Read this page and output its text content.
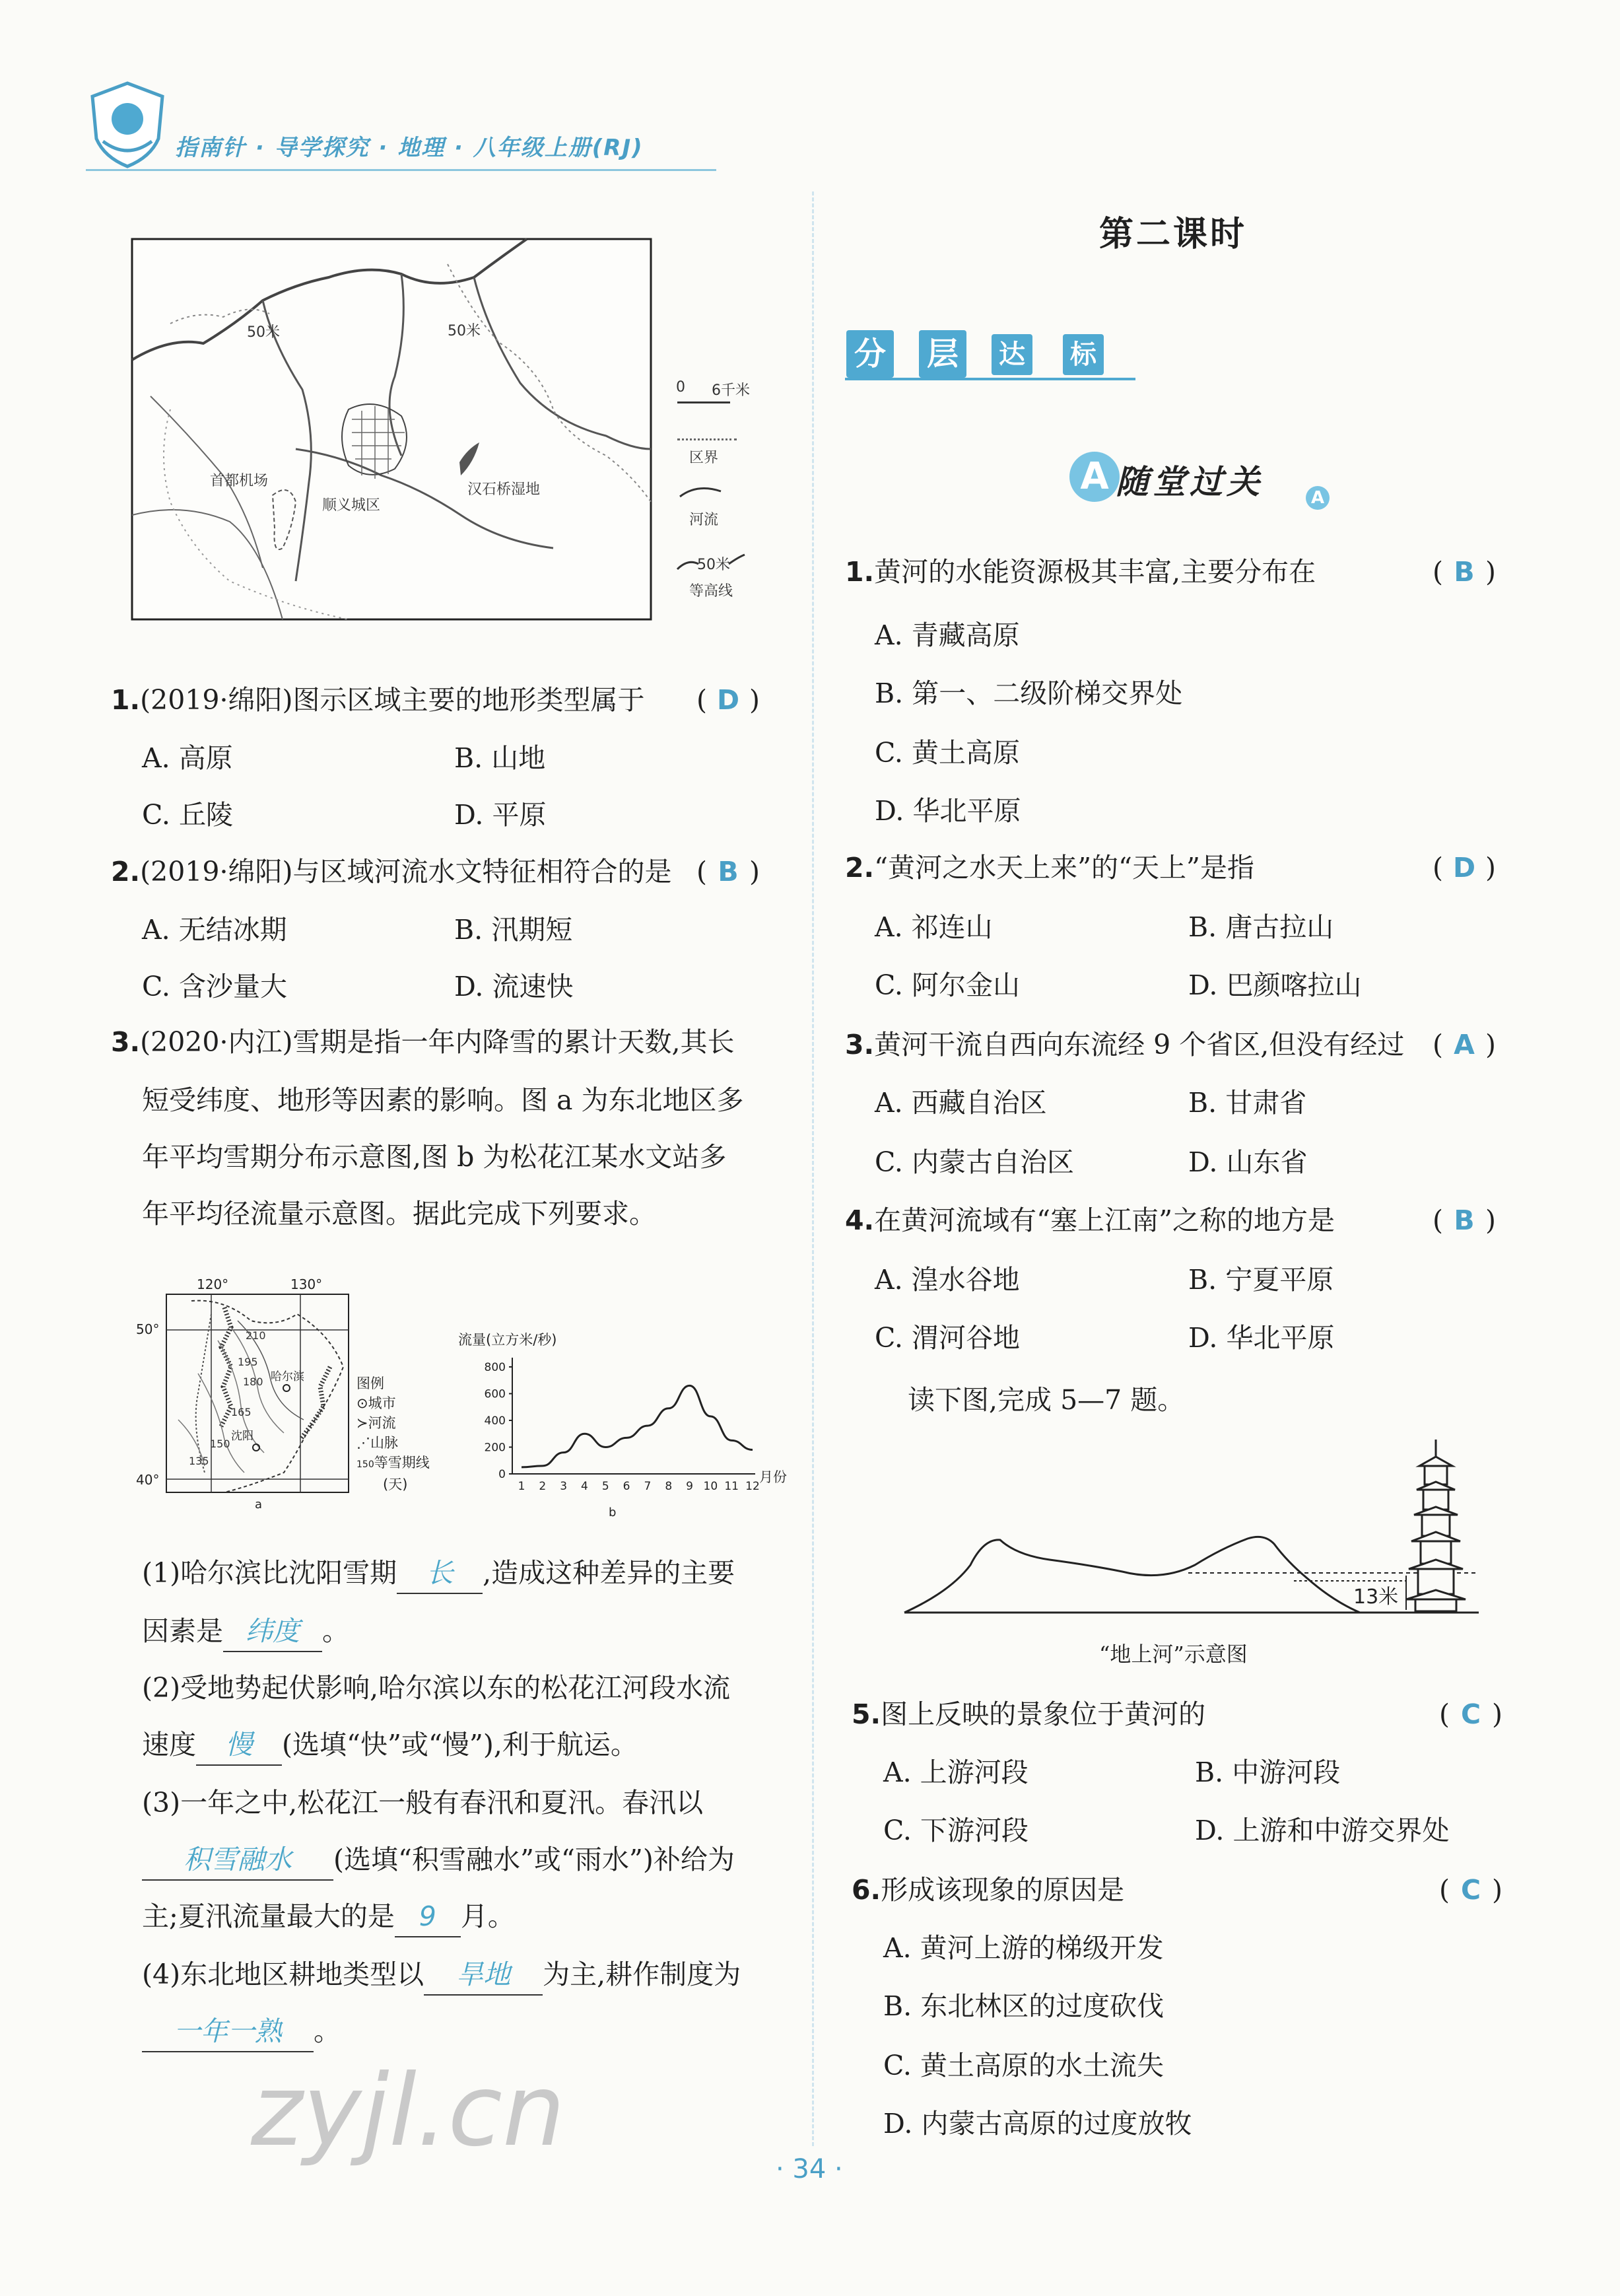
指南针 · 导学探究 · 地理 · 八年级上册(RJ)
50米	50米
首都机场
顺义城区
汉石桥湿地
0 6千米
区界
河流
50米
等高线
1.(2019·绵阳)图示区域主要的地形类型属于 ( D )
A. 高原	B. 山地
C. 丘陵	D. 平原
2.(2019·绵阳)与区域河流水文特征相符合的是 ( B )
A. 无结冰期	B. 汛期短
C. 含沙量大	D. 流速快
3.(2020·内江)雪期是指一年内降雪的累计天数,其长
短受纬度、地形等因素的影响。图 a 为东北地区多
年平均雪期分布示意图,图 b 为松花江某水文站多
年平均径流量示意图。据此完成下列要求。
120°	130°
50°
40°
210
195
180
165
150
135
哈尔滨
沈阳
a
图例
⊙城市
≻河流
⋰山脉
150等雪期线
(天)
流量(立方米/秒)
月份
b
0
200
400
600
800
1 2 3 4 5 6 7 8 9 10 11 12
(1)哈尔滨比沈阳雪期 长 ,造成这种差异的主要
因素是 纬度 。
(2)受地势起伏影响,哈尔滨以东的松花江河段水流
速度 慢 (选填“快”或“慢”),利于航运。
(3)一年之中,松花江一般有春汛和夏汛。春汛以
积雪融水 (选填“积雪融水”或“雨水”)补给为
主;夏汛流量最大的是 9 月。
(4)东北地区耕地类型以 旱地 为主,耕作制度为
一年一熟 。
zyjl.cn
第二课时
分 层	达 标
A 随堂过关	A
1.黄河的水能资源极其丰富,主要分布在	( B )
A. 青藏高原
B. 第一、二级阶梯交界处
C. 黄土高原
D. 华北平原
2.“黄河之水天上来”的“天上”是指	( D )
A. 祁连山	B. 唐古拉山
C. 阿尔金山	D. 巴颜喀拉山
3.黄河干流自西向东流经 9 个省区,但没有经过 ( A )
A. 西藏自治区	B. 甘肃省
C. 内蒙古自治区	D. 山东省
4.在黄河流域有“塞上江南”之称的地方是	( B )
A. 湟水谷地	B. 宁夏平原
C. 渭河谷地	D. 华北平原
读下图,完成 5—7 题。
13米
“地上河”示意图
5.图上反映的景象位于黄河的	( C )
A. 上游河段	B. 中游河段
C. 下游河段	D. 上游和中游交界处
6.形成该现象的原因是	( C )
A. 黄河上游的梯级开发
B. 东北林区的过度砍伐
C. 黄土高原的水土流失
D. 内蒙古高原的过度放牧
· 34 ·
